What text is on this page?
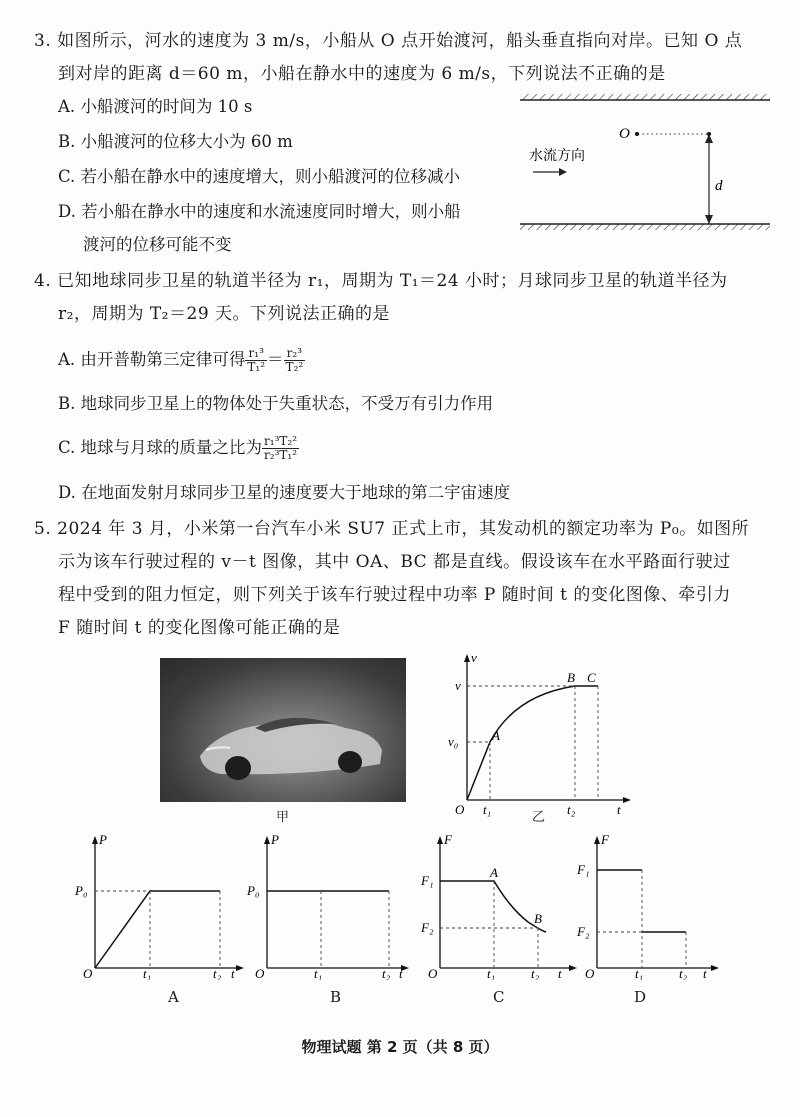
3. 如图所示，河水的速度为 3 m/s，小船从 O 点开始渡河，船头垂直指向对岸。已知 O 点
到对岸的距离 d＝60 m，小船在静水中的速度为 6 m/s，下列说法不正确的是
A. 小船渡河的时间为 10 s
B. 小船渡河的位移大小为 60 m
C. 若小船在静水中的速度增大，则小船渡河的位移减小
D. 若小船在静水中的速度和水流速度同时增大，则小船
渡河的位移可能不变
O
d
水流方向
4. 已知地球同步卫星的轨道半径为 r₁，周期为 T₁＝24 小时；月球同步卫星的轨道半径为
r₂，周期为 T₂＝29 天。下列说法正确的是
A. 由开普勒第三定律可得 $\frac{\text{r₁³}}{\text{T₁²}} = \frac{\text{r₂³}}{\text{T₂²}}$
B. 地球同步卫星上的物体处于失重状态，不受万有引力作用
C. 地球与月球的质量之比为 $\frac{\text{r₁³T₂²}}{\text{r₂³T₁²}}$
D. 在地面发射月球同步卫星的速度要大于地球的第二宇宙速度
5. 2024 年 3 月，小米第一台汽车小米 SU7 正式上市，其发动机的额定功率为 P₀。如图所
示为该车行驶过程的 v－t 图像，其中 OA、BC 都是直线。假设该车在水平路面行驶过
程中受到的阻力恒定，则下列关于该车行驶过程中功率 P 随时间 t 的变化图像、牵引力
F 随时间 t 的变化图像可能正确的是
甲
v
v
v₀	A
B C
O t₁	t₂	t
乙
P
P₀
O	t₁	t₂ t
A
P
P₀
O	t₁	t₂ t
B
F
F₁
F₂
A
B
O	t₁	t₂ t
C
F
F₁
F₂
O	t₁	t₂ t
D
物理试题 第 2 页（共 8 页）
